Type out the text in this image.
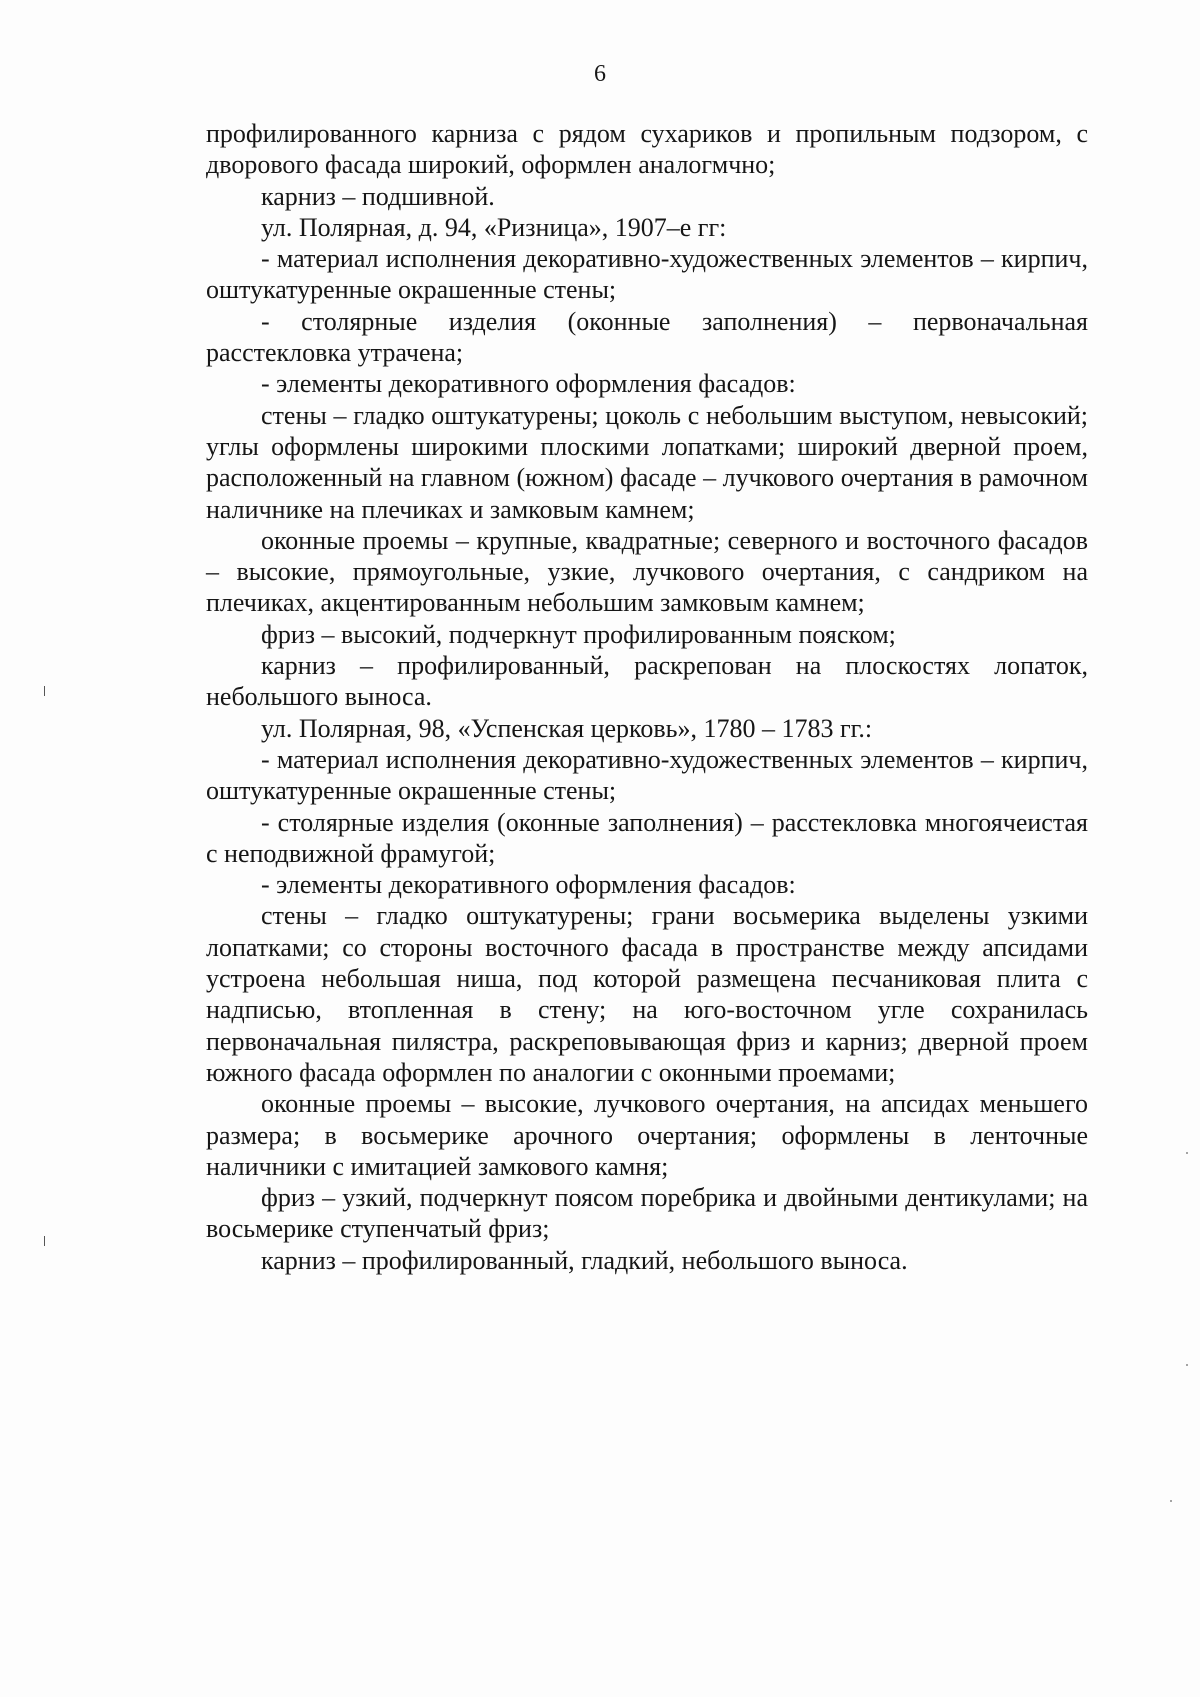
6

профилированного карниза с рядом сухариков и пропильным подзором, с дворового фасада широкий, оформлен аналогмчно;

карниз – подшивной.

ул. Полярная, д. 94, «Ризница», 1907–е гг:

- материал исполнения декоративно-художественных элементов – кирпич, оштукатуренные окрашенные стены;

- столярные изделия (оконные заполнения) – первоначальная расстекловка утрачена;

- элементы декоративного оформления фасадов:

стены – гладко оштукатурены; цоколь с небольшим выступом, невысокий; углы оформлены широкими плоскими лопатками; широкий дверной проем, расположенный на главном (южном) фасаде – лучкового очертания в рамочном наличнике на плечиках и замковым камнем;

оконные проемы – крупные, квадратные; северного и восточного фасадов – высокие, прямоугольные, узкие, лучкового очертания, с сандриком на плечиках, акцентированным небольшим замковым камнем;

фриз – высокий, подчеркнут профилированным пояском;

карниз – профилированный, раскрепован на плоскостях лопаток, небольшого выноса.

ул. Полярная, 98, «Успенская церковь», 1780 – 1783 гг.:

- материал исполнения декоративно-художественных элементов – кирпич, оштукатуренные окрашенные стены;

- столярные изделия (оконные заполнения) – расстекловка многоячеистая с неподвижной фрамугой;

- элементы декоративного оформления фасадов:

стены – гладко оштукатурены; грани восьмерика выделены узкими лопатками; со стороны восточного фасада в пространстве между апсидами устроена небольшая ниша, под которой размещена песчаниковая плита с надписью, втопленная в стену; на юго-восточном угле сохранилась первоначальная пилястра, раскреповывающая фриз и карниз; дверной проем южного фасада оформлен по аналогии с оконными проемами;

оконные проемы – высокие, лучкового очертания, на апсидах меньшего размера; в восьмерике арочного очертания; оформлены в ленточные наличники с имитацией замкового камня;

фриз – узкий, подчеркнут поясом поребрика и двойными дентикулами; на восьмерике ступенчатый фриз;

карниз – профилированный, гладкий, небольшого выноса.
